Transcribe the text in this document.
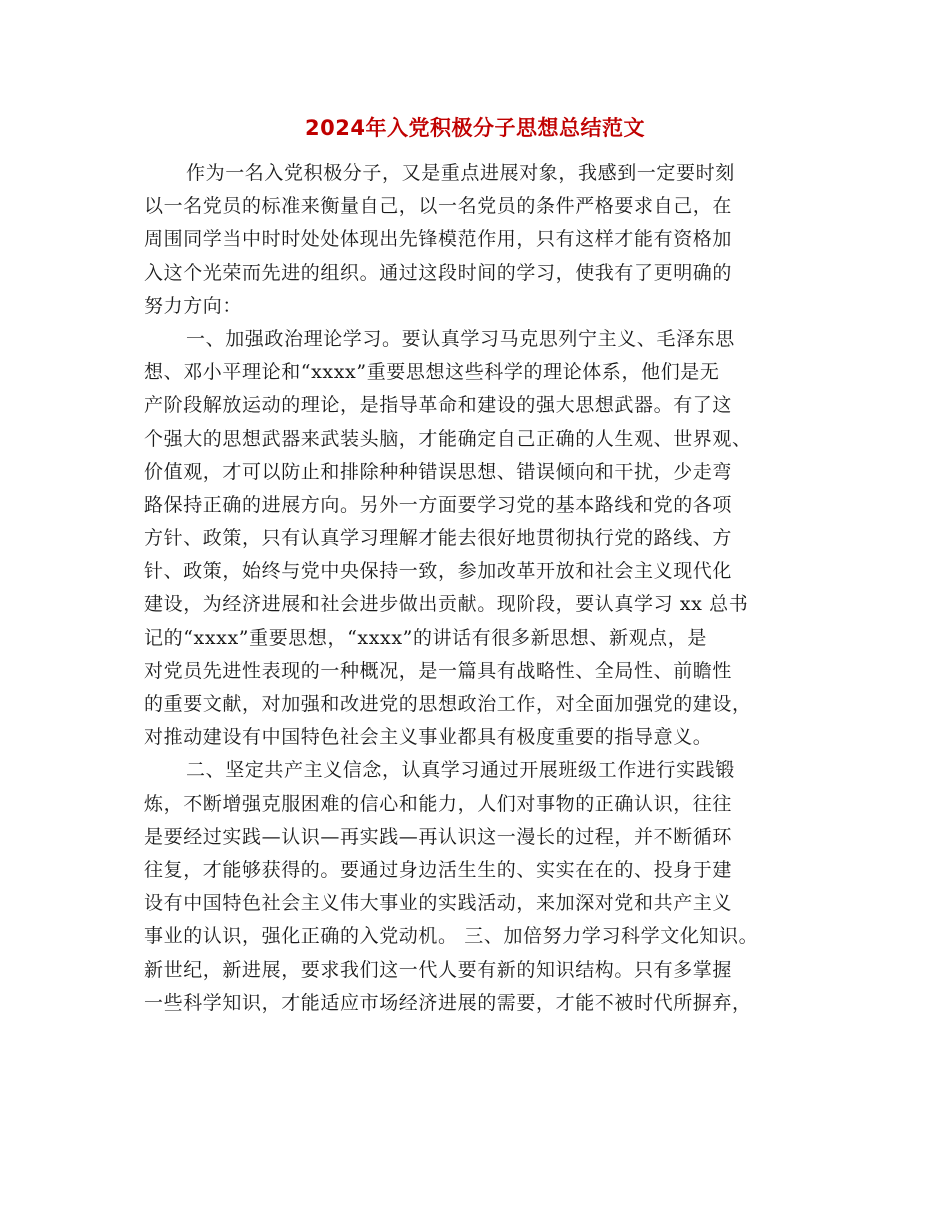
2024年入党积极分子思想总结范文
作为一名入党积极分子，又是重点进展对象，我感到一定要时刻
以一名党员的标准来衡量自己，以一名党员的条件严格要求自己，在
周围同学当中时时处处体现出先锋模范作用，只有这样才能有资格加
入这个光荣而先进的组织。通过这段时间的学习，使我有了更明确的
努力方向：
一、加强政治理论学习。要认真学习马克思列宁主义、毛泽东思
想、邓小平理论和“xxxx”重要思想这些科学的理论体系，他们是无
产阶段解放运动的理论，是指导革命和建设的强大思想武器。有了这
个强大的思想武器来武装头脑，才能确定自己正确的人生观、世界观、
价值观，才可以防止和排除种种错误思想、错误倾向和干扰，少走弯
路保持正确的进展方向。另外一方面要学习党的基本路线和党的各项
方针、政策，只有认真学习理解才能去很好地贯彻执行党的路线、方
针、政策，始终与党中央保持一致，参加改革开放和社会主义现代化
建设，为经济进展和社会进步做出贡献。现阶段，要认真学习 xx 总书
记的“xxxx”重要思想，“xxxx”的讲话有很多新思想、新观点，是
对党员先进性表现的一种概况，是一篇具有战略性、全局性、前瞻性
的重要文献，对加强和改进党的思想政治工作，对全面加强党的建设，
对推动建设有中国特色社会主义事业都具有极度重要的指导意义。
二、坚定共产主义信念，认真学习通过开展班级工作进行实践锻
炼，不断增强克服困难的信心和能力，人们对事物的正确认识，往往
是要经过实践—认识—再实践—再认识这一漫长的过程，并不断循环
往复，才能够获得的。要通过身边活生生的、实实在在的、投身于建
设有中国特色社会主义伟大事业的实践活动，来加深对党和共产主义
事业的认识，强化正确的入党动机。 三、加倍努力学习科学文化知识。
新世纪，新进展，要求我们这一代人要有新的知识结构。只有多掌握
一些科学知识，才能适应市场经济进展的需要，才能不被时代所摒弃，
